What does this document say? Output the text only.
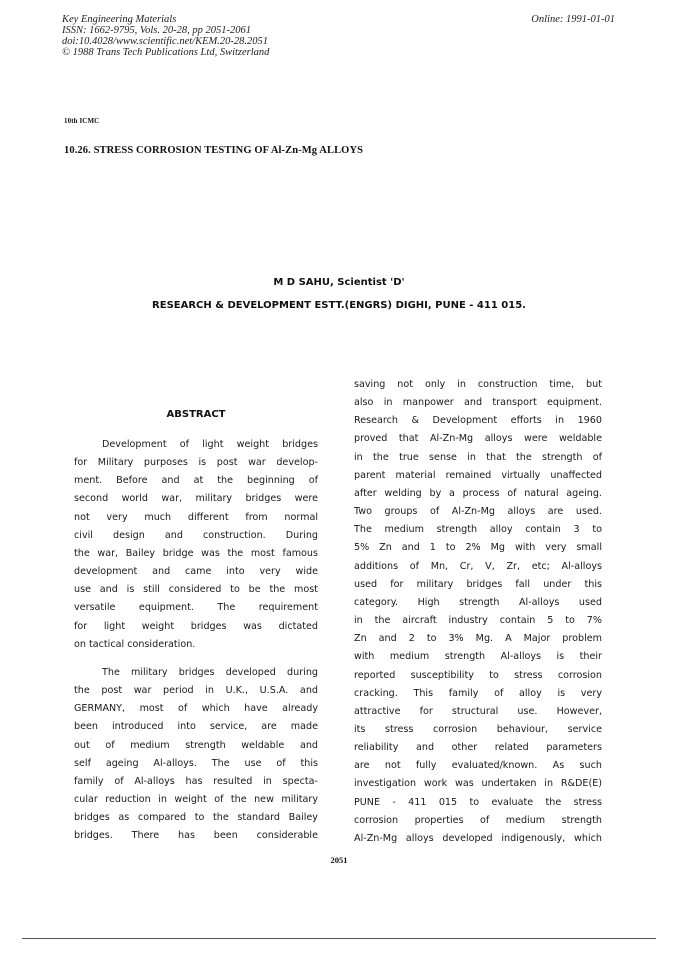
Key Engineering Materials
ISSN: 1662-9795, Vols. 20-28, pp 2051-2061
doi:10.4028/www.scientific.net/KEM.20-28.2051
© 1988 Trans Tech Publications Ltd, Switzerland
Online: 1991-01-01
10th ICMC
10.26. STRESS CORROSION TESTING OF Al-Zn-Mg ALLOYS
M D SAHU, Scientist 'D'
RESEARCH & DEVELOPMENT ESTT.(ENGRS) DIGHI, PUNE - 411 015.
ABSTRACT
Development of light weight bridges
for Military purposes is post war develop-
ment. Before and at the beginning of
second world war, military bridges were
not very much different from normal
civil design and construction. During
the war, Bailey bridge was the most famous
development and came into very wide
use and is still considered to be the most
versatile equipment. The requirement
for light weight bridges was dictated
on tactical consideration.
The military bridges developed during
the post war period in U.K., U.S.A. and
GERMANY, most of which have already
been introduced into service, are made
out of medium strength weldable and
self ageing Al-alloys. The use of this
family of Al-alloys has resulted in specta-
cular reduction in weight of the new military
bridges as compared to the standard Bailey
bridges. There has been considerable
saving not only in construction time, but
also in manpower and transport equipment.
Research & Development efforts in 1960
proved that Al-Zn-Mg alloys were weldable
in the true sense in that the strength of
parent material remained virtually unaffected
after welding by a process of natural ageing.
Two groups of Al-Zn-Mg alloys are used.
The medium strength alloy contain 3 to
5% Zn and 1 to 2% Mg with very small
additions of Mn, Cr, V, Zr, etc; Al-alloys
used for military bridges fall under this
category. High strength Al-alloys used
in the aircraft industry contain 5 to 7%
Zn and 2 to 3% Mg. A Major problem
with medium strength Al-alloys is their
reported susceptibility to stress corrosion
cracking. This family of alloy is very
attractive for structural use. However,
its stress corrosion behaviour, service
reliability and other related parameters
are not fully evaluated/known. As such
investigation work was undertaken in R&DE(E)
PUNE - 411 015 to evaluate the stress
corrosion properties of medium strength
Al-Zn-Mg alloys developed indigenously, which
2051
